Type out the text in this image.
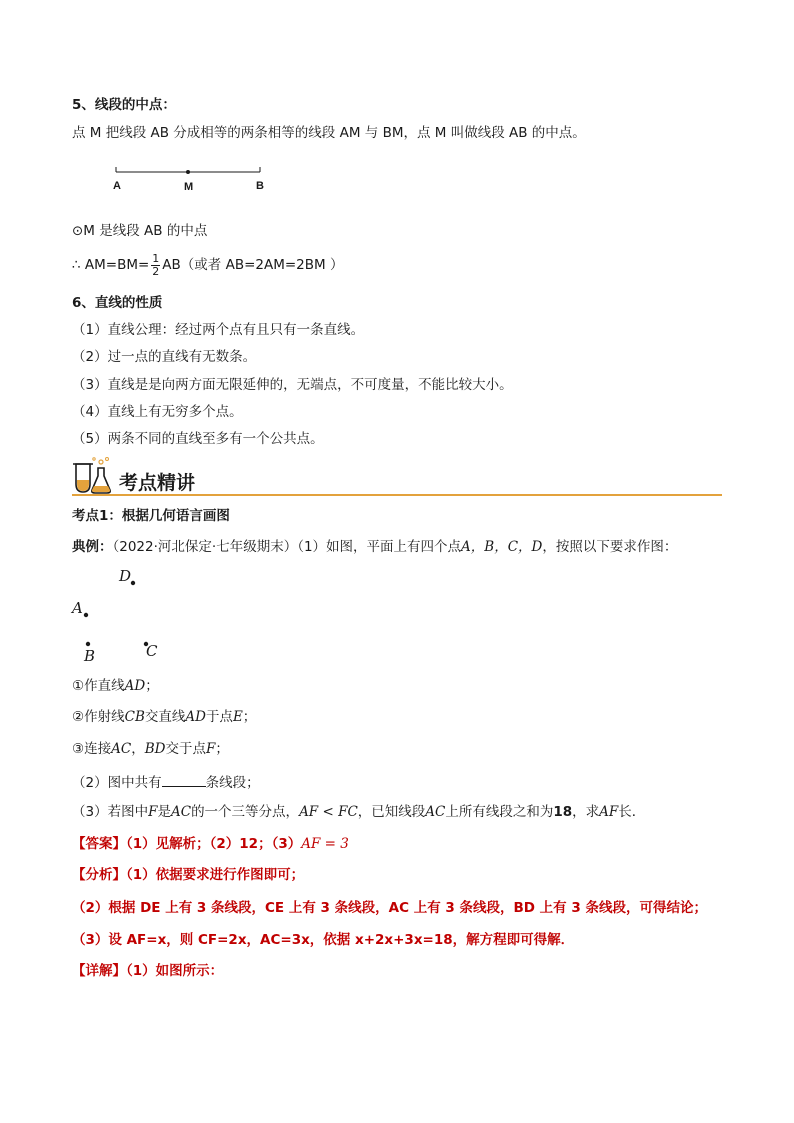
5、线段的中点：
点 M 把线段 AB 分成相等的两条相等的线段 AM 与 BM，点 M 叫做线段 AB 的中点。
A	M	B
⊙M 是线段 AB 的中点
∴ $AM=BM= \frac{1}{2} AB$（或者 AB=2AM=2BM ）
6、直线的性质
（1）直线公理：经过两个点有且只有一条直线。
（2）过一点的直线有无数条。
（3）直线是是向两方面无限延伸的，无端点，不可度量，不能比较大小。
（4）直线上有无穷多个点。
（5）两条不同的直线至多有一个公共点。
考点精讲
考点1：根据几何语言画图
典例：（2022·河北保定·七年级期末）（1）如图，平面上有四个点A，B，C，D，按照以下要求作图：
D
A
B	C
①作直线AD；
②作射线CB交直线AD于点E；
③连接AC，BD交于点F；
（2）图中共有	条线段；
（3）若图中F是AC的一个三等分点，AF < FC，已知线段AC上所有线段之和为18，求AF长．
【答案】（1）见解析；（2）12；（3）AF = 3
【分析】（1）依据要求进行作图即可；
（2）根据 DE 上有 3 条线段，CE 上有 3 条线段，AC 上有 3 条线段，BD 上有 3 条线段，可得结论；
（3）设 AF=x，则 CF=2x，AC=3x，依据 x+2x+3x=18，解方程即可得解．
【详解】（1）如图所示：
